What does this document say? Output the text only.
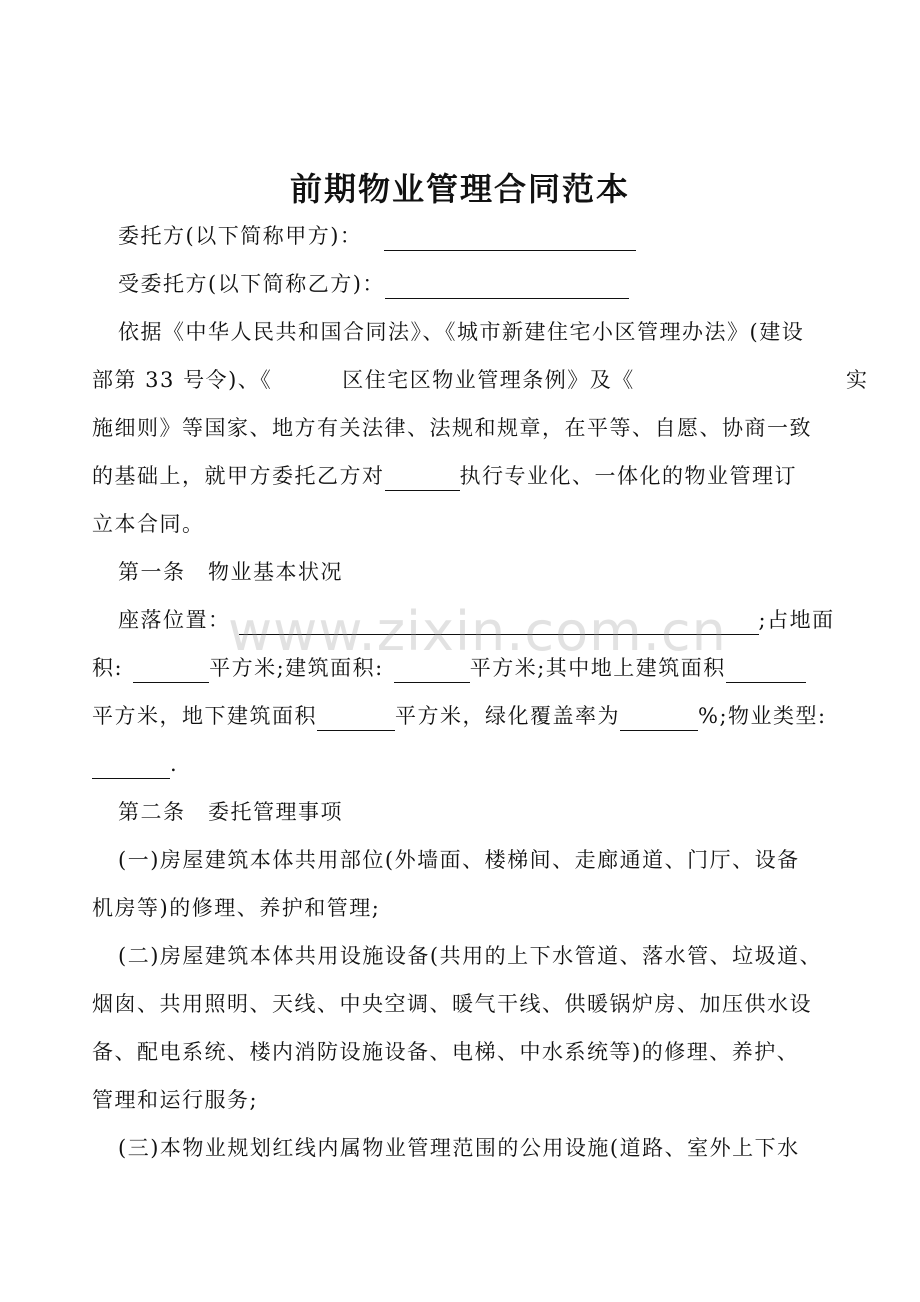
前期物业管理合同范本
委托方(以下简称甲方)：
受委托方(以下简称乙方)：
依据《中华人民共和国合同法》、《城市新建住宅小区管理办法》(建设
部第 33 号令)、《	区住宅区物业管理条例》及《	实
施细则》等国家、地方有关法律、法规和规章，在平等、自愿、协商一致
的基础上，就甲方委托乙方对	执行专业化、一体化的物业管理订
立本合同。
第一条　物业基本状况
座落位置：	;占地面
积:	平方米;建筑面积:	平方米;其中地上建筑面积
平方米，地下建筑面积	平方米，绿化覆盖率为	%;物业类型:
.
第二条　委托管理事项
(一)房屋建筑本体共用部位(外墙面、楼梯间、走廊通道、门厅、设备
机房等)的修理、养护和管理;
(二)房屋建筑本体共用设施设备(共用的上下水管道、落水管、垃圾道、
烟囱、共用照明、天线、中央空调、暖气干线、供暖锅炉房、加压供水设
备、配电系统、楼内消防设施设备、电梯、中水系统等)的修理、养护、
管理和运行服务;
(三)本物业规划红线内属物业管理范围的公用设施(道路、室外上下水
www.zixin.com.cn
